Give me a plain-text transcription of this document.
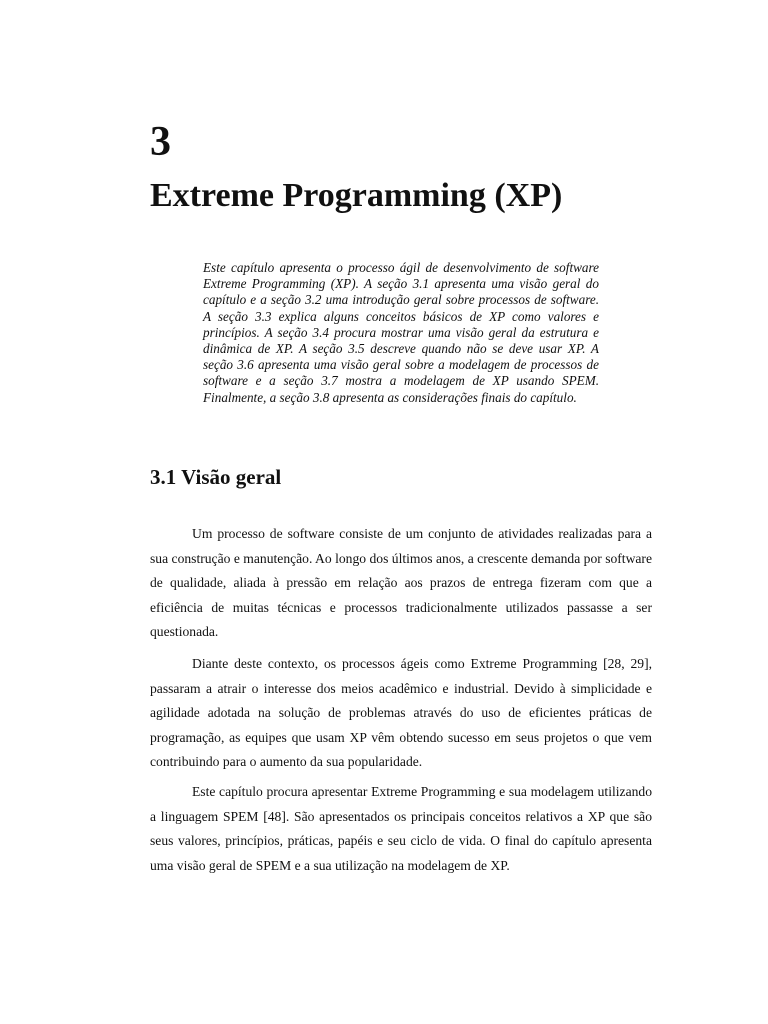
3
Extreme Programming (XP)

Este capítulo apresenta o processo ágil de desenvolvimento de software Extreme Programming (XP). A seção 3.1 apresenta uma visão geral do capítulo e a seção 3.2 uma introdução geral sobre processos de software. A seção 3.3 explica alguns conceitos básicos de XP como valores e princípios. A seção 3.4 procura mostrar uma visão geral da estrutura e dinâmica de XP. A seção 3.5 descreve quando não se deve usar XP. A seção 3.6 apresenta uma visão geral sobre a modelagem de processos de software e a seção 3.7 mostra a modelagem de XP usando SPEM. Finalmente, a seção 3.8 apresenta as considerações finais do capítulo.

3.1 Visão geral

Um processo de software consiste de um conjunto de atividades realizadas para a sua construção e manutenção. Ao longo dos últimos anos, a crescente demanda por software de qualidade, aliada à pressão em relação aos prazos de entrega fizeram com que a eficiência de muitas técnicas e processos tradicionalmente utilizados passasse a ser questionada.

Diante deste contexto, os processos ágeis como Extreme Programming [28, 29], passaram a atrair o interesse dos meios acadêmico e industrial. Devido à simplicidade e agilidade adotada na solução de problemas através do uso de eficientes práticas de programação, as equipes que usam XP vêm obtendo sucesso em seus projetos o que vem contribuindo para o aumento da sua popularidade.

Este capítulo procura apresentar Extreme Programming e sua modelagem utilizando a linguagem SPEM [48]. São apresentados os principais conceitos relativos a XP que são seus valores, princípios, práticas, papéis e seu ciclo de vida. O final do capítulo apresenta uma visão geral de SPEM e a sua utilização na modelagem de XP.
